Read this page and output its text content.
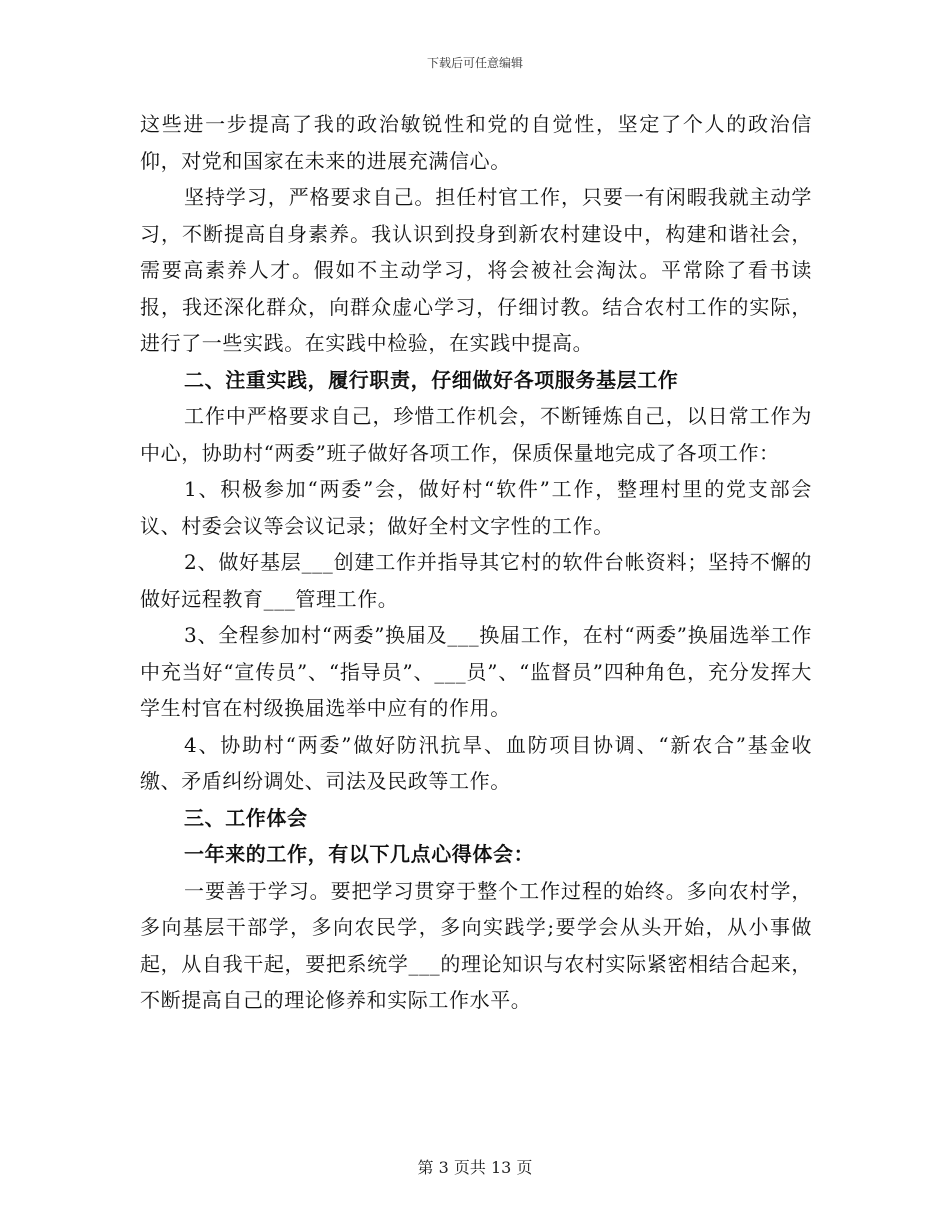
下载后可任意编辑

这些进一步提高了我的政治敏锐性和党的自觉性，坚定了个人的政治信仰，对党和国家在未来的进展充满信心。

坚持学习，严格要求自己。担任村官工作，只要一有闲暇我就主动学习，不断提高自身素养。我认识到投身到新农村建设中，构建和谐社会，需要高素养人才。假如不主动学习，将会被社会淘汰。平常除了看书读报，我还深化群众，向群众虚心学习，仔细讨教。结合农村工作的实际，进行了一些实践。在实践中检验，在实践中提高。

二、注重实践，履行职责，仔细做好各项服务基层工作

工作中严格要求自己，珍惜工作机会，不断锤炼自己，以日常工作为中心，协助村“两委”班子做好各项工作，保质保量地完成了各项工作：

1、积极参加“两委”会，做好村“软件”工作，整理村里的党支部会议、村委会议等会议记录；做好全村文字性的工作。

2、做好基层___创建工作并指导其它村的软件台帐资料；坚持不懈的做好远程教育___管理工作。

3、全程参加村“两委”换届及___换届工作，在村“两委”换届选举工作中充当好“宣传员”、“指导员”、___员”、“监督员”四种角色，充分发挥大学生村官在村级换届选举中应有的作用。

4、协助村“两委”做好防汛抗旱、血防项目协调、“新农合”基金收缴、矛盾纠纷调处、司法及民政等工作。

三、工作体会

一年来的工作，有以下几点心得体会：

一要善于学习。要把学习贯穿于整个工作过程的始终。多向农村学，多向基层干部学，多向农民学，多向实践学;要学会从头开始，从小事做起，从自我干起，要把系统学___的理论知识与农村实际紧密相结合起来，不断提高自己的理论修养和实际工作水平。

第 3 页共 13 页
